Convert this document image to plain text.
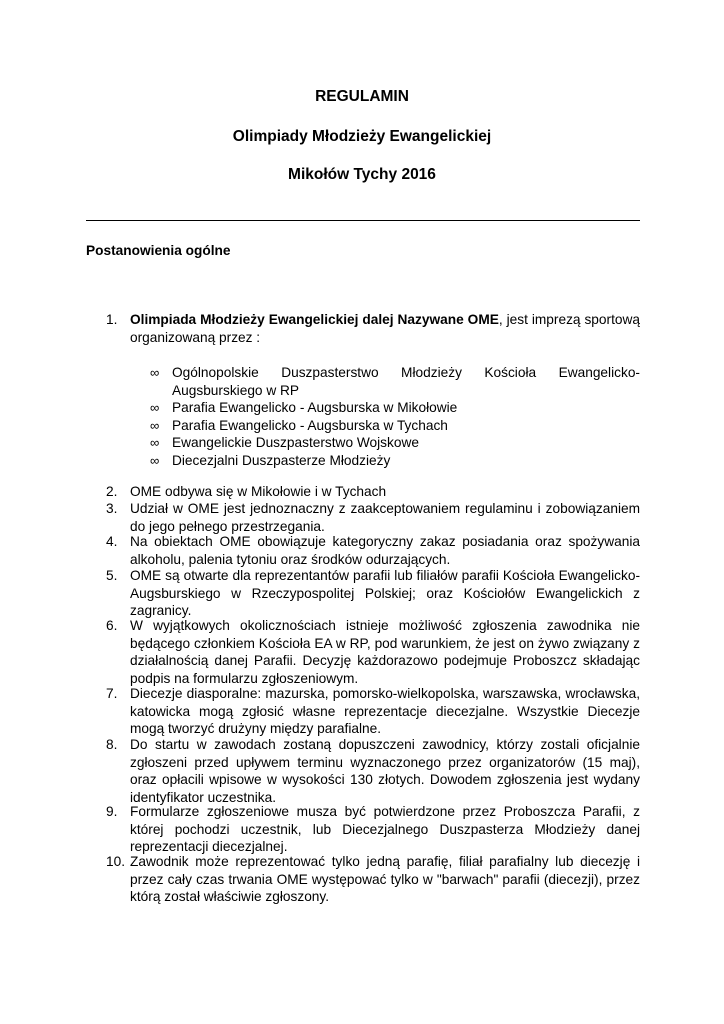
REGULAMIN
Olimpiady Młodzieży Ewangelickiej
Mikołów Tychy 2016
Postanowienia ogólne
1. Olimpiada Młodzieży Ewangelickiej dalej Nazywane OME, jest imprezą sportową organizowaną przez :
∞ Ogólnopolskie Duszpasterstwo Młodzieży Kościoła Ewangelicko-Augsburskiego w RP
∞ Parafia Ewangelicko - Augsburska w Mikołowie
∞ Parafia Ewangelicko - Augsburska w Tychach
∞ Ewangelickie Duszpasterstwo Wojskowe
∞ Diecezjalni Duszpasterze Młodzieży
2. OME odbywa się w Mikołowie i w Tychach
3. Udział w OME jest jednoznaczny z zaakceptowaniem regulaminu i zobowiązaniem do jego pełnego przestrzegania.
4. Na obiektach OME obowiązuje kategoryczny zakaz posiadania oraz spożywania alkoholu, palenia tytoniu oraz środków odurzających.
5. OME są otwarte dla reprezentantów parafii lub filiałów parafii Kościoła Ewangelicko-Augsburskiego w Rzeczypospolitej Polskiej; oraz Kościołów Ewangelickich z zagranicy.
6. W wyjątkowych okolicznościach istnieje możliwość zgłoszenia zawodnika nie będącego członkiem Kościoła EA w RP, pod warunkiem, że jest on żywo związany z działalnością danej Parafii. Decyzję każdorazowo podejmuje Proboszcz składając podpis na formularzu zgłoszeniowym.
7. Diecezje diasporalne: mazurska, pomorsko-wielkopolska, warszawska, wrocławska, katowicka mogą zgłosić własne reprezentacje diecezjalne. Wszystkie Diecezje mogą tworzyć drużyny między parafialne.
8. Do startu w zawodach zostaną dopuszczeni zawodnicy, którzy zostali oficjalnie zgłoszeni przed upływem terminu wyznaczonego przez organizatorów (15 maj), oraz opłacili wpisowe w wysokości 130 złotych. Dowodem zgłoszenia jest wydany identyfikator uczestnika.
9. Formularze zgłoszeniowe musza być potwierdzone przez Proboszcza Parafii, z której pochodzi uczestnik, lub Diecezjalnego Duszpasterza Młodzieży danej reprezentacji diecezjalnej.
10. Zawodnik może reprezentować tylko jedną parafię, filiał parafialny lub diecezję i przez cały czas trwania OME występować tylko w "barwach" parafii (diecezji), przez którą został właściwie zgłoszony.
